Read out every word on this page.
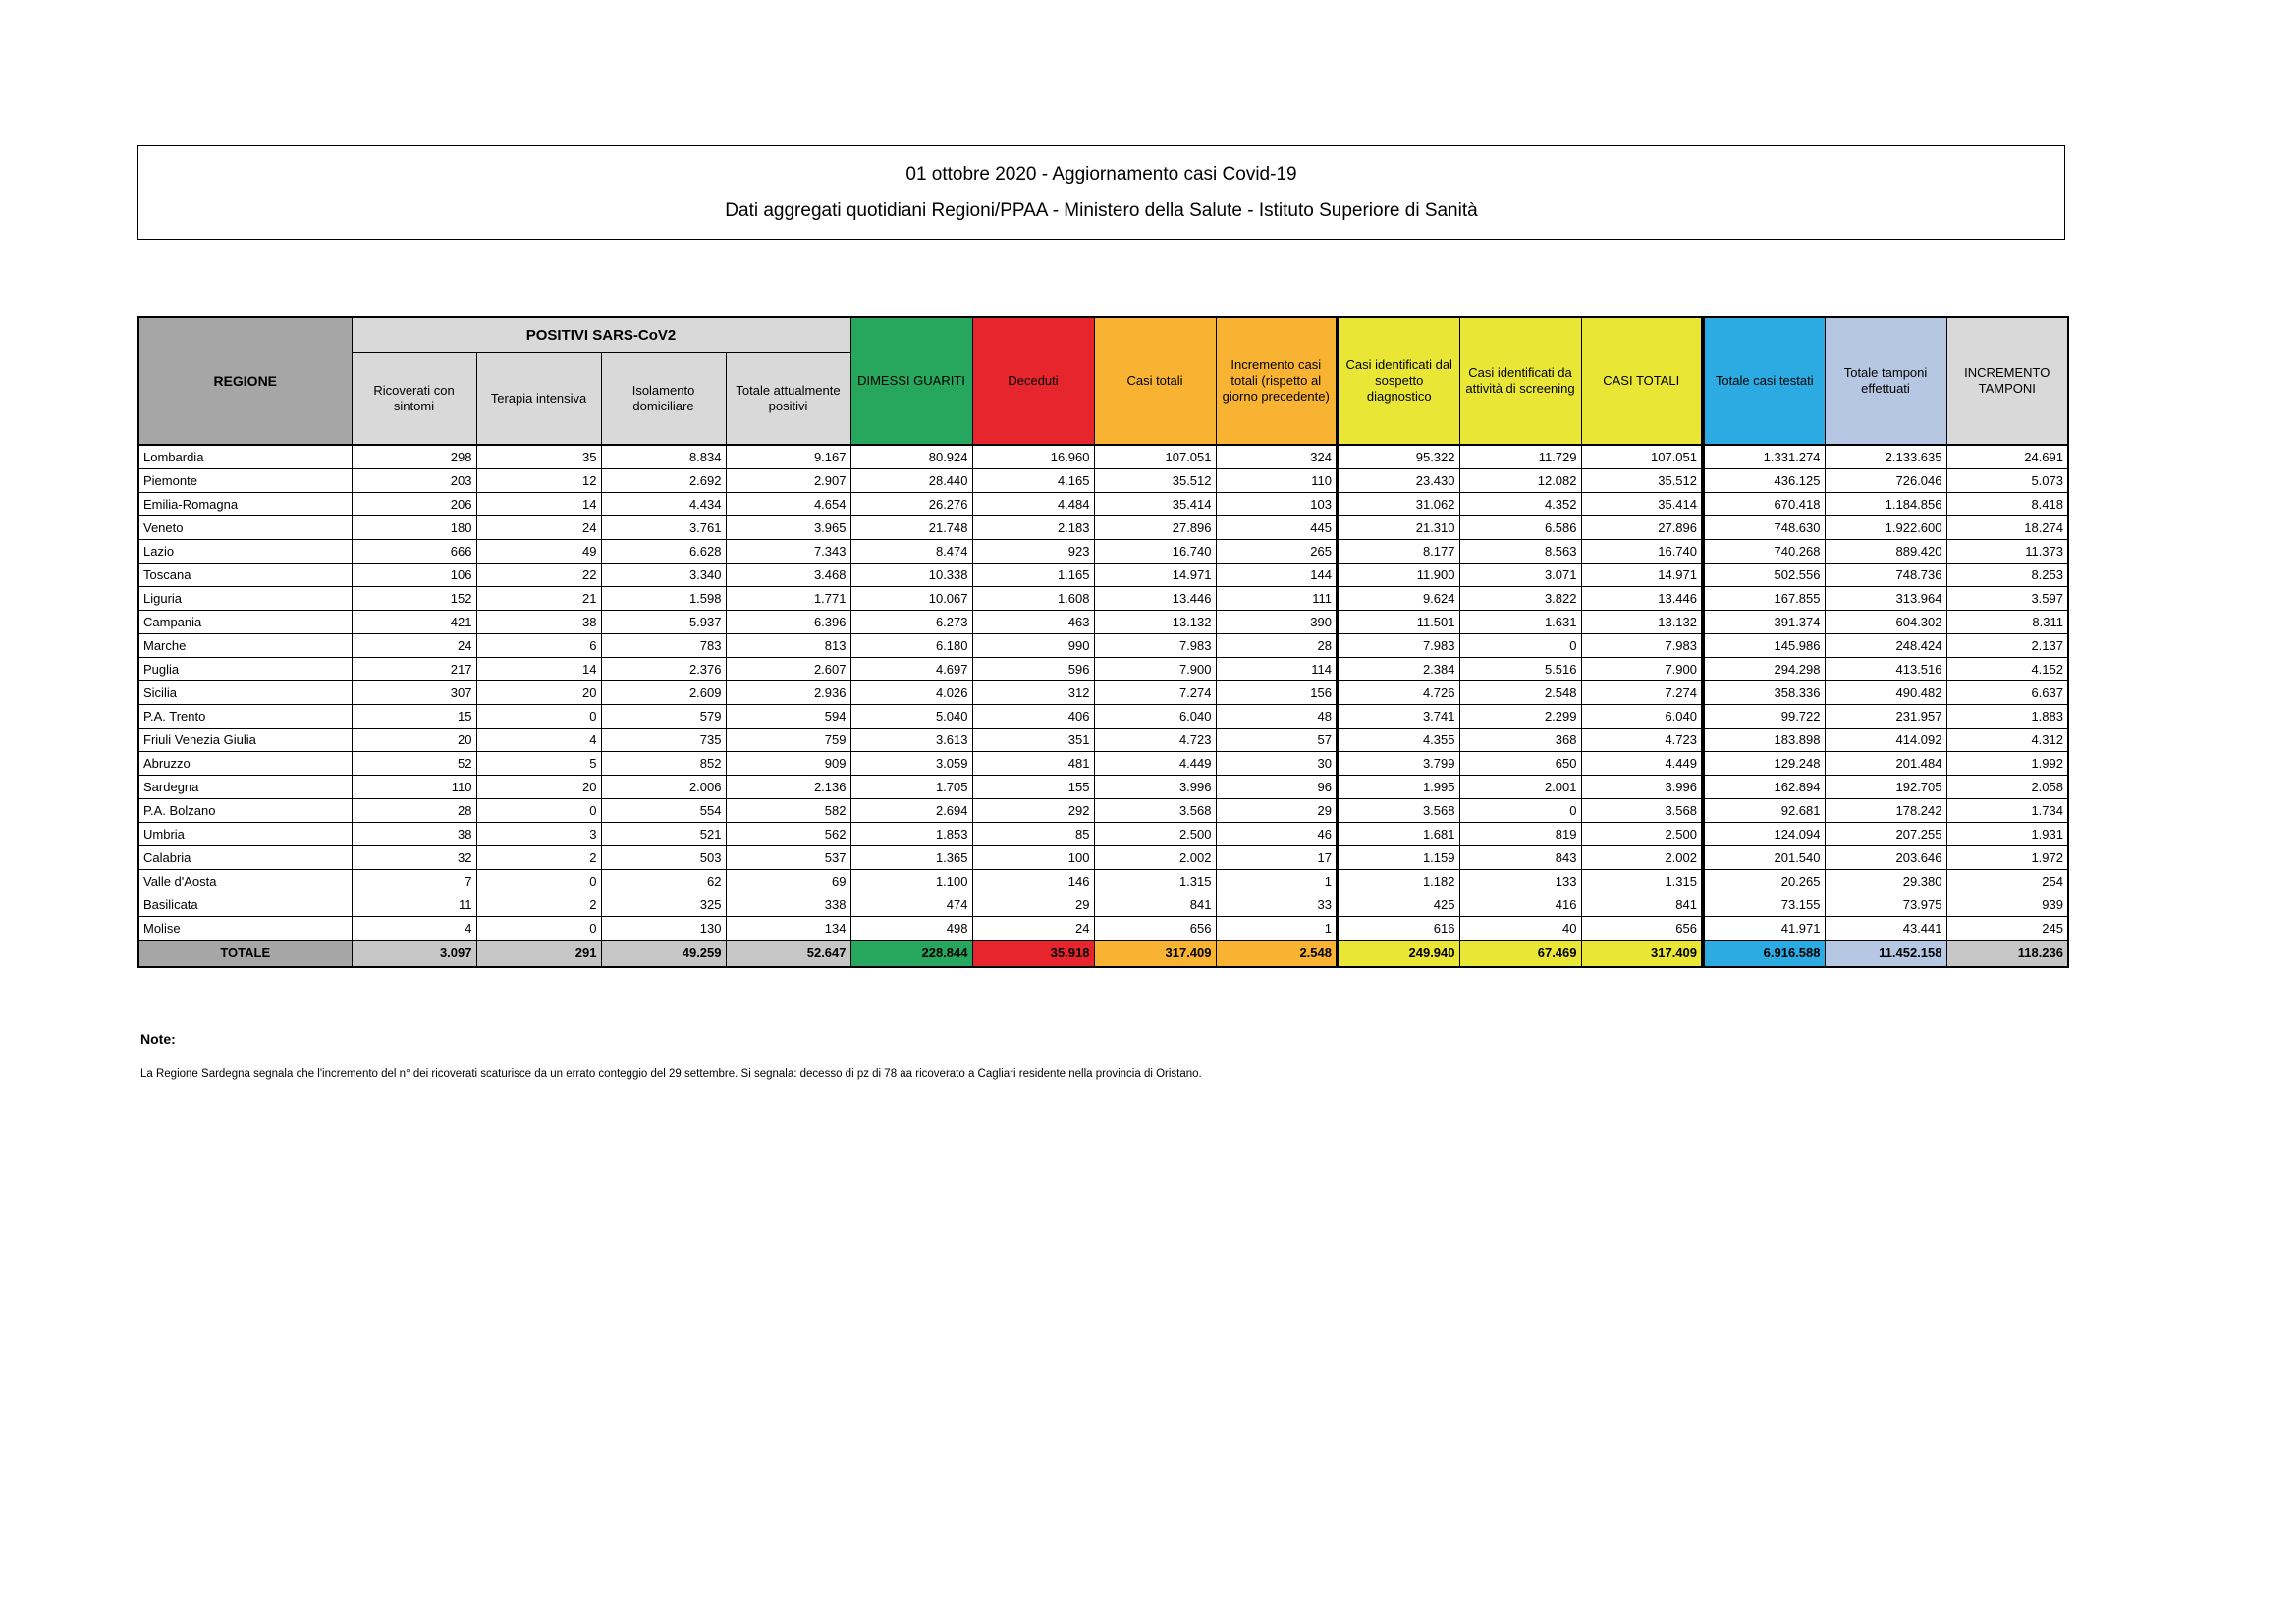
01 ottobre 2020 - Aggiornamento casi Covid-19
Dati aggregati quotidiani Regioni/PPAA - Ministero della Salute - Istituto Superiore di Sanità
REGIONE	POSITIVI SARS-CoV2				DIMESSI GUARITI	Deceduti	Casi totali	Incremento casi totali (rispetto al giorno precedente)	Casi identificati dal sospetto diagnostico	Casi identificati da attività di screening	CASI TOTALI	Totale casi testati	Totale tamponi effettuati	INCREMENTO TAMPONI
	Ricoverati con sintomi	Terapia intensiva	Isolamento domiciliare	Totale attualmente positivi										
Lombardia	298	35	8.834	9.167	80.924	16.960	107.051	324	95.322	11.729	107.051	1.331.274	2.133.635	24.691
Piemonte	203	12	2.692	2.907	28.440	4.165	35.512	110	23.430	12.082	35.512	436.125	726.046	5.073
Emilia-Romagna	206	14	4.434	4.654	26.276	4.484	35.414	103	31.062	4.352	35.414	670.418	1.184.856	8.418
Veneto	180	24	3.761	3.965	21.748	2.183	27.896	445	21.310	6.586	27.896	748.630	1.922.600	18.274
Lazio	666	49	6.628	7.343	8.474	923	16.740	265	8.177	8.563	16.740	740.268	889.420	11.373
Toscana	106	22	3.340	3.468	10.338	1.165	14.971	144	11.900	3.071	14.971	502.556	748.736	8.253
Liguria	152	21	1.598	1.771	10.067	1.608	13.446	111	9.624	3.822	13.446	167.855	313.964	3.597
Campania	421	38	5.937	6.396	6.273	463	13.132	390	11.501	1.631	13.132	391.374	604.302	8.311
Marche	24	6	783	813	6.180	990	7.983	28	7.983	0	7.983	145.986	248.424	2.137
Puglia	217	14	2.376	2.607	4.697	596	7.900	114	2.384	5.516	7.900	294.298	413.516	4.152
Sicilia	307	20	2.609	2.936	4.026	312	7.274	156	4.726	2.548	7.274	358.336	490.482	6.637
P.A. Trento	15	0	579	594	5.040	406	6.040	48	3.741	2.299	6.040	99.722	231.957	1.883
Friuli Venezia Giulia	20	4	735	759	3.613	351	4.723	57	4.355	368	4.723	183.898	414.092	4.312
Abruzzo	52	5	852	909	3.059	481	4.449	30	3.799	650	4.449	129.248	201.484	1.992
Sardegna	110	20	2.006	2.136	1.705	155	3.996	96	1.995	2.001	3.996	162.894	192.705	2.058
P.A. Bolzano	28	0	554	582	2.694	292	3.568	29	3.568	0	3.568	92.681	178.242	1.734
Umbria	38	3	521	562	1.853	85	2.500	46	1.681	819	2.500	124.094	207.255	1.931
Calabria	32	2	503	537	1.365	100	2.002	17	1.159	843	2.002	201.540	203.646	1.972
Valle d'Aosta	7	0	62	69	1.100	146	1.315	1	1.182	133	1.315	20.265	29.380	254
Basilicata	11	2	325	338	474	29	841	33	425	416	841	73.155	73.975	939
Molise	4	0	130	134	498	24	656	1	616	40	656	41.971	43.441	245
TOTALE	3.097	291	49.259	52.647	228.844	35.918	317.409	2.548	249.940	67.469	317.409	6.916.588	11.452.158	118.236
Note:
La Regione Sardegna segnala che l'incremento del n° dei ricoverati scaturisce da un errato conteggio del 29 settembre. Si segnala: decesso di pz di 78 aa ricoverato a Cagliari residente nella provincia di Oristano.
